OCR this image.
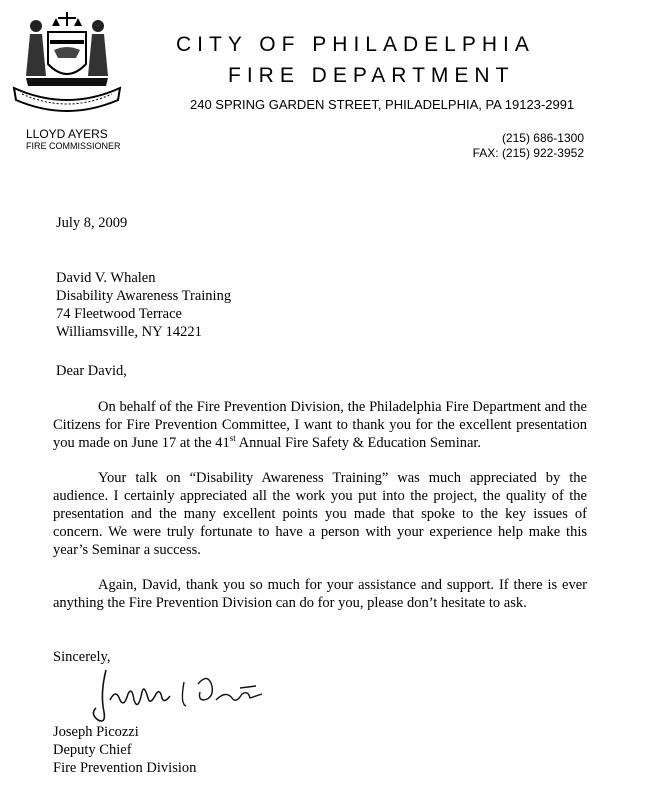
CITY OF PHILADELPHIA
FIRE DEPARTMENT
240 SPRING GARDEN STREET, PHILADELPHIA, PA 19123-2991
LLOYD AYERS
FIRE COMMISSIONER
(215) 686-1300
FAX: (215) 922-3952
July 8, 2009
David V. Whalen
Disability Awareness Training
74 Fleetwood Terrace
Williamsville, NY 14221
Dear David,

On behalf of the Fire Prevention Division, the Philadelphia Fire Department and the Citizens for Fire Prevention Committee, I want to thank you for the excellent presentation you made on June 17 at the 41st Annual Fire Safety & Education Seminar.

Your talk on “Disability Awareness Training” was much appreciated by the audience. I certainly appreciated all the work you put into the project, the quality of the presentation and the many excellent points you made that spoke to the key issues of concern. We were truly fortunate to have a person with your experience help make this year’s Seminar a success.

Again, David, thank you so much for your assistance and support. If there is ever anything the Fire Prevention Division can do for you, please don’t hesitate to ask.

Sincerely,
Joseph Picozzi
Deputy Chief
Fire Prevention Division
